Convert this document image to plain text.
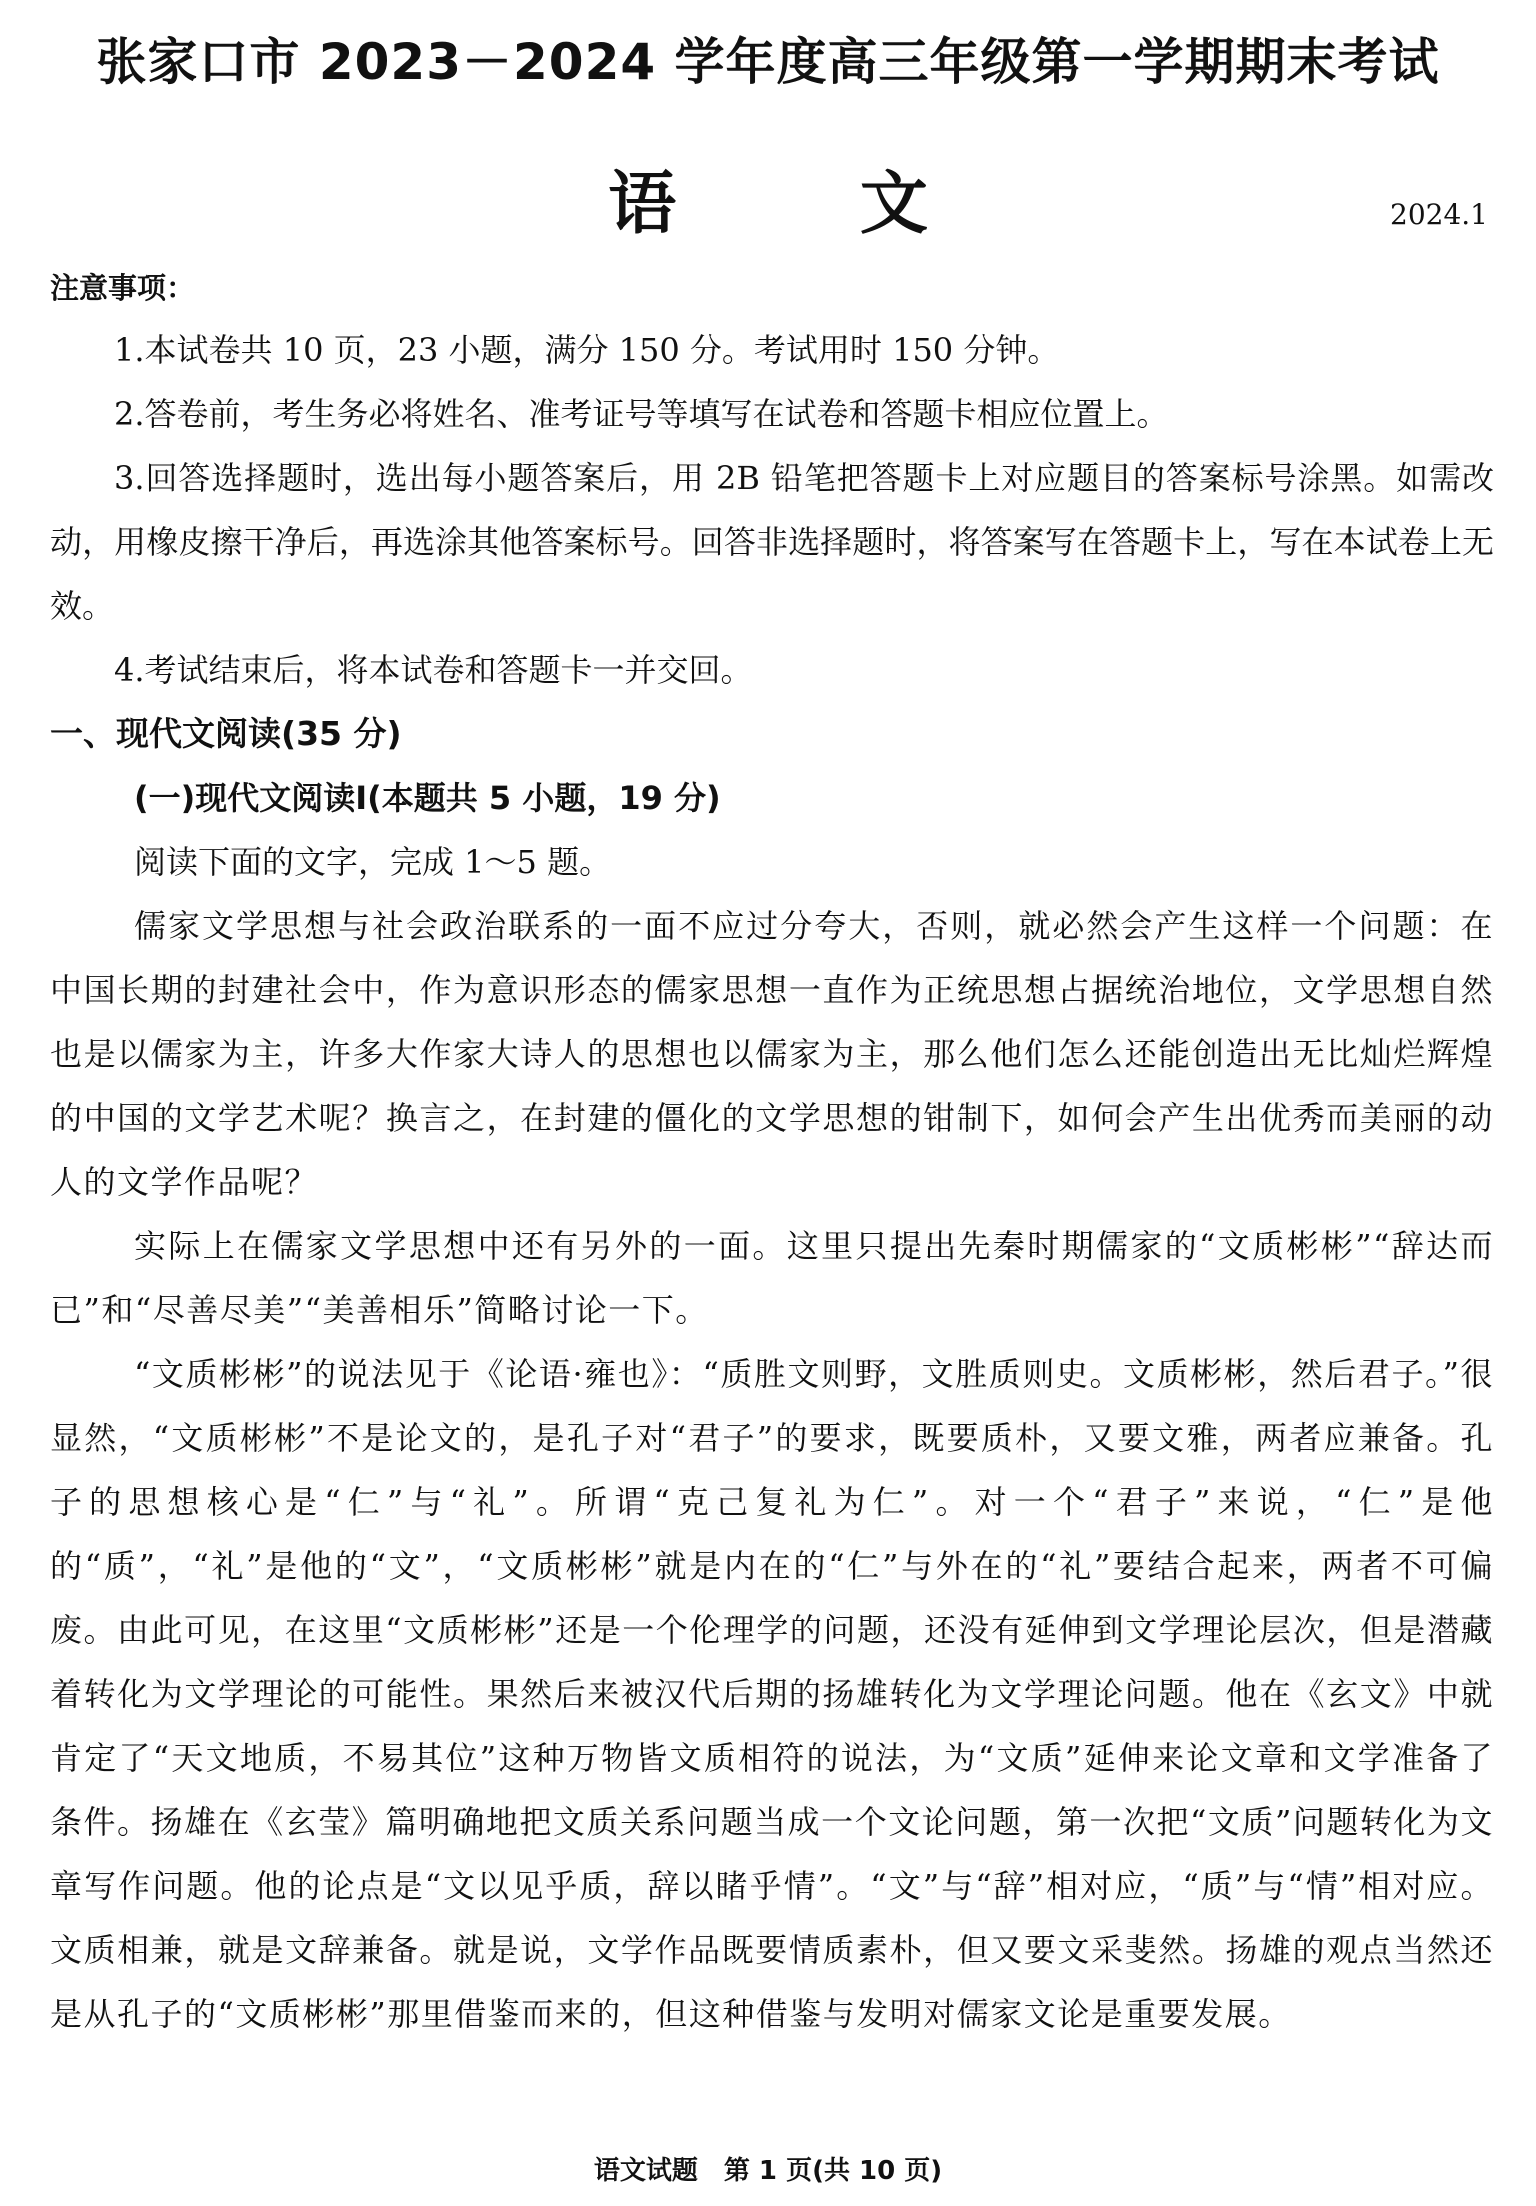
张家口市 2023－2024 学年度高三年级第一学期期末考试
语 文	2024.1
注意事项：

1.本试卷共 10 页，23 小题，满分 150 分。考试用时 150 分钟。

2.答卷前，考生务必将姓名、准考证号等填写在试卷和答题卡相应位置上。

3.回答选择题时，选出每小题答案后，用 2B 铅笔把答题卡上对应题目的答案标号涂黑。如需改动，用橡皮擦干净后，再选涂其他答案标号。回答非选择题时，将答案写在答题卡上，写在本试卷上无效。

4.考试结束后，将本试卷和答题卡一并交回。

一、现代文阅读(35 分)
(一)现代文阅读Ⅰ(本题共 5 小题，19 分)

阅读下面的文字，完成 1～5 题。

儒家文学思想与社会政治联系的一面不应过分夸大，否则，就必然会产生这样一个问题：在中国长期的封建社会中，作为意识形态的儒家思想一直作为正统思想占据统治地位，文学思想自然也是以儒家为主，许多大作家大诗人的思想也以儒家为主，那么他们怎么还能创造出无比灿烂辉煌的中国的文学艺术呢？换言之，在封建的僵化的文学思想的钳制下，如何会产生出优秀而美丽的动人的文学作品呢？

实际上在儒家文学思想中还有另外的一面。这里只提出先秦时期儒家的“文质彬彬”“辞达而已”和“尽善尽美”“美善相乐”简略讨论一下。

“文质彬彬”的说法见于《论语·雍也》：“质胜文则野，文胜质则史。文质彬彬，然后君子。”很显然，“文质彬彬”不是论文的，是孔子对“君子”的要求，既要质朴，又要文雅，两者应兼备。孔子的思想核心是“仁”与“礼”。所谓“克己复礼为仁”。对一个“君子”来说，“仁”是他的“质”，“礼”是他的“文”，“文质彬彬”就是内在的“仁”与外在的“礼”要结合起来，两者不可偏废。由此可见，在这里“文质彬彬”还是一个伦理学的问题，还没有延伸到文学理论层次，但是潜藏着转化为文学理论的可能性。果然后来被汉代后期的扬雄转化为文学理论问题。他在《玄文》中就肯定了“天文地质，不易其位”这种万物皆文质相符的说法，为“文质”延伸来论文章和文学准备了条件。扬雄在《玄莹》篇明确地把文质关系问题当成一个文论问题，第一次把“文质”问题转化为文章写作问题。他的论点是“文以见乎质，辞以睹乎情”。“文”与“辞”相对应，“质”与“情”相对应。文质相兼，就是文辞兼备。就是说，文学作品既要情质素朴，但又要文采斐然。扬雄的观点当然还是从孔子的“文质彬彬”那里借鉴而来的，但这种借鉴与发明对儒家文论是重要发展。

语文试题　第 1 页(共 10 页)
